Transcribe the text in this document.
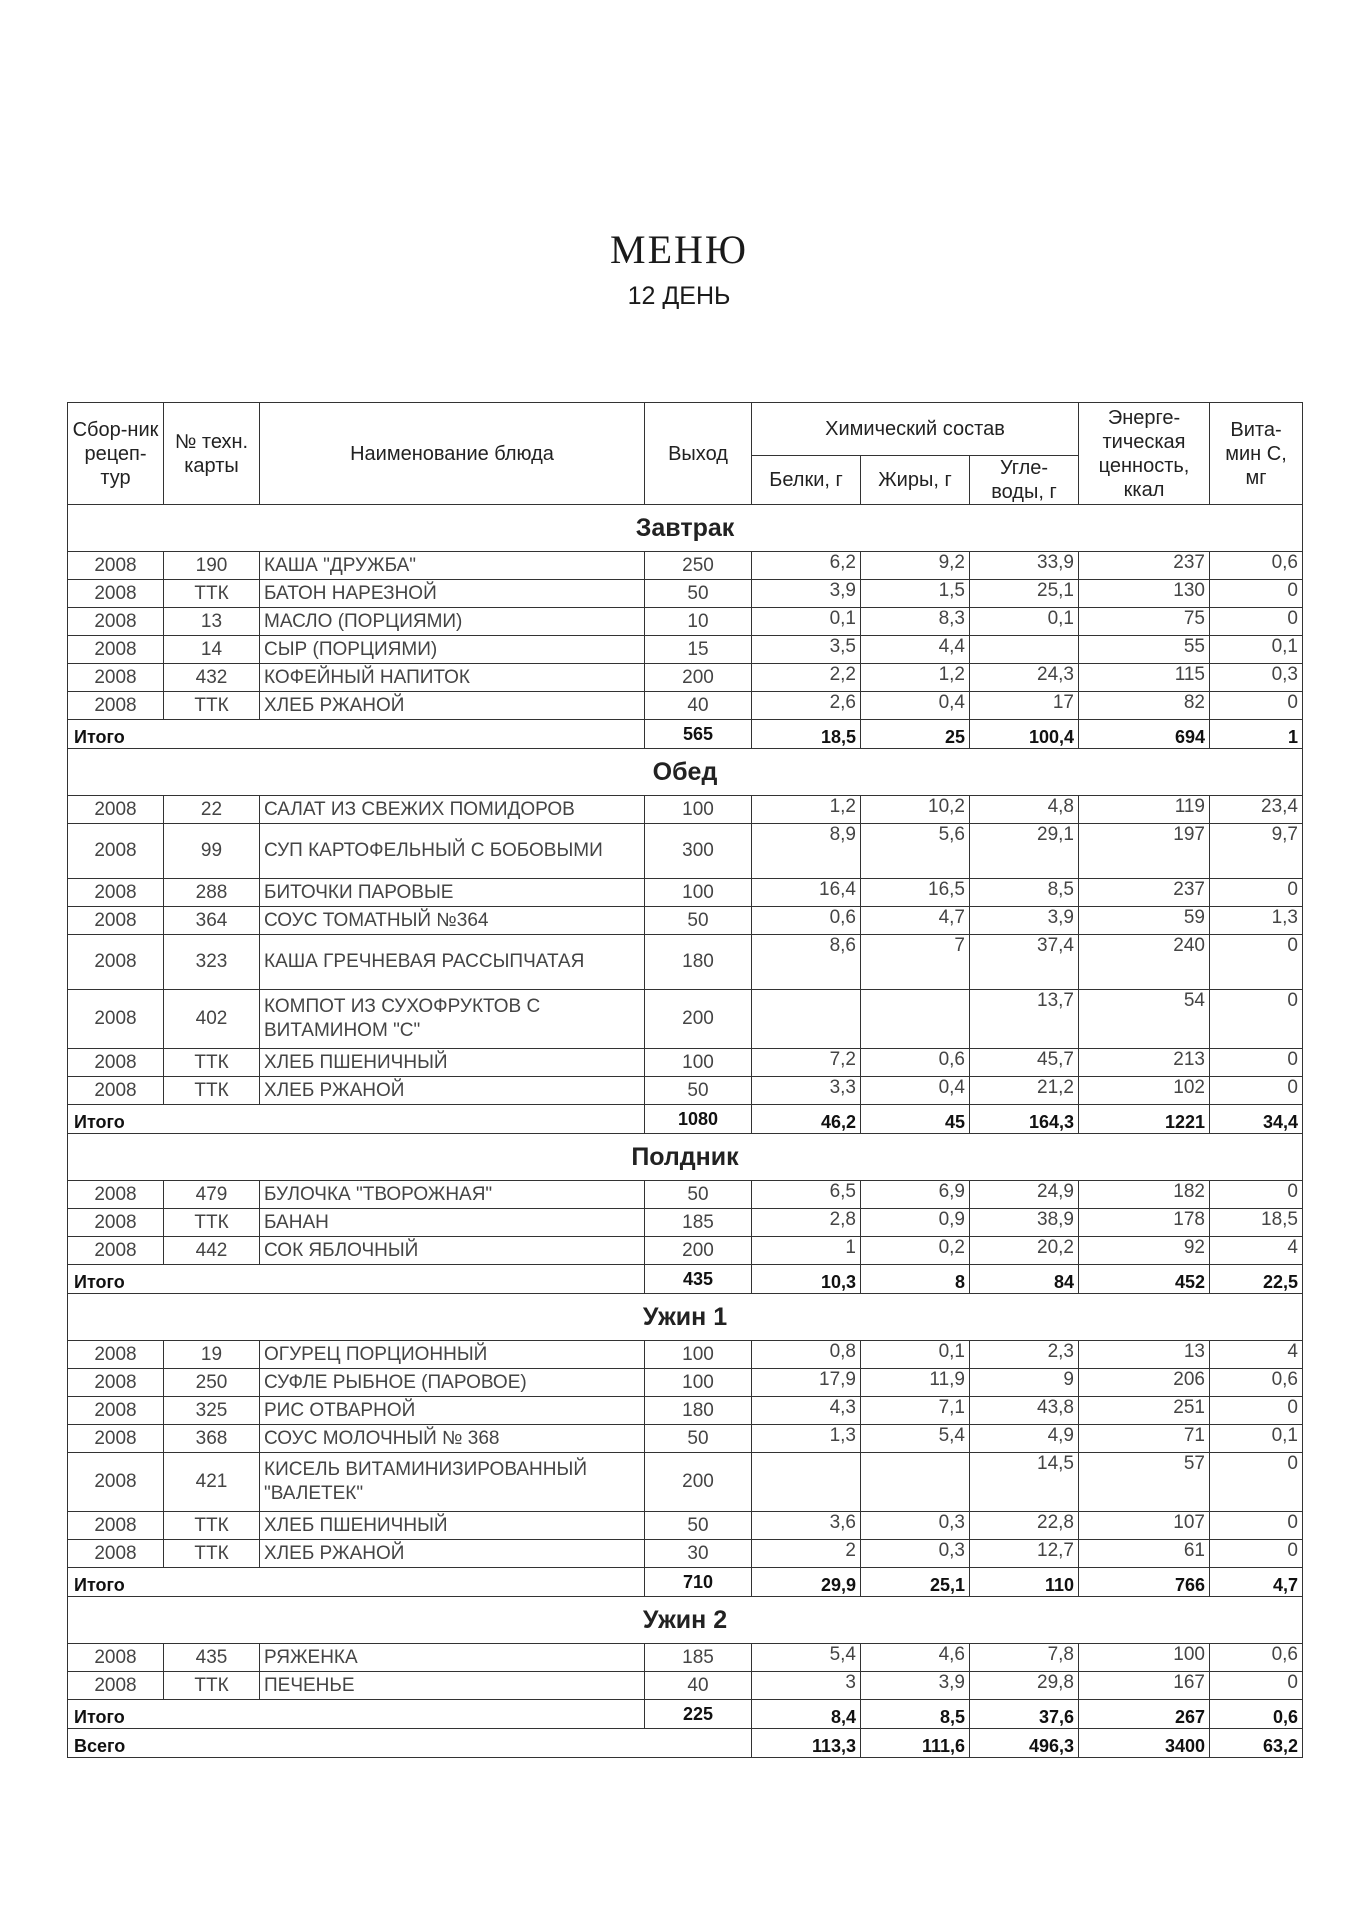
МЕНЮ
12 ДЕНЬ
Сбор-ник рецеп-тур	№ техн. карты	Наименование блюда	Выход	Химический состав			Энерге-тическая ценность, ккал	Вита-мин С, мг
				Белки, г	Жиры, г	Угле-воды, г		
Завтрак								
2008	190	КАША "ДРУЖБА"	250	6,2	9,2	33,9	237	0,6
2008	ТТК	БАТОН НАРЕЗНОЙ	50	3,9	1,5	25,1	130	0
2008	13	МАСЛО (ПОРЦИЯМИ)	10	0,1	8,3	0,1	75	0
2008	14	СЫР (ПОРЦИЯМИ)	15	3,5	4,4		55	0,1
2008	432	КОФЕЙНЫЙ НАПИТОК	200	2,2	1,2	24,3	115	0,3
2008	ТТК	ХЛЕБ РЖАНОЙ	40	2,6	0,4	17	82	0
Итого			565	18,5	25	100,4	694	1
Обед								
2008	22	САЛАТ ИЗ СВЕЖИХ ПОМИДОРОВ	100	1,2	10,2	4,8	119	23,4
2008	99	СУП КАРТОФЕЛЬНЫЙ С БОБОВЫМИ	300	8,9	5,6	29,1	197	9,7
2008	288	БИТОЧКИ ПАРОВЫЕ	100	16,4	16,5	8,5	237	0
2008	364	СОУС ТОМАТНЫЙ №364	50	0,6	4,7	3,9	59	1,3
2008	323	КАША ГРЕЧНЕВАЯ РАССЫПЧАТАЯ	180	8,6	7	37,4	240	0
2008	402	КОМПОТ ИЗ СУХОФРУКТОВ С ВИТАМИНОМ "С"	200			13,7	54	0
2008	ТТК	ХЛЕБ ПШЕНИЧНЫЙ	100	7,2	0,6	45,7	213	0
2008	ТТК	ХЛЕБ РЖАНОЙ	50	3,3	0,4	21,2	102	0
Итого			1080	46,2	45	164,3	1221	34,4
Полдник								
2008	479	БУЛОЧКА "ТВОРОЖНАЯ"	50	6,5	6,9	24,9	182	0
2008	ТТК	БАНАН	185	2,8	0,9	38,9	178	18,5
2008	442	СОК ЯБЛОЧНЫЙ	200	1	0,2	20,2	92	4
Итого			435	10,3	8	84	452	22,5
Ужин 1								
2008	19	ОГУРЕЦ ПОРЦИОННЫЙ	100	0,8	0,1	2,3	13	4
2008	250	СУФЛЕ РЫБНОЕ (ПАРОВОЕ)	100	17,9	11,9	9	206	0,6
2008	325	РИС ОТВАРНОЙ	180	4,3	7,1	43,8	251	0
2008	368	СОУС МОЛОЧНЫЙ № 368	50	1,3	5,4	4,9	71	0,1
2008	421	КИСЕЛЬ ВИТАМИНИЗИРОВАННЫЙ "ВАЛЕТЕК"	200			14,5	57	0
2008	ТТК	ХЛЕБ ПШЕНИЧНЫЙ	50	3,6	0,3	22,8	107	0
2008	ТТК	ХЛЕБ РЖАНОЙ	30	2	0,3	12,7	61	0
Итого			710	29,9	25,1	110	766	4,7
Ужин 2								
2008	435	РЯЖЕНКА	185	5,4	4,6	7,8	100	0,6
2008	ТТК	ПЕЧЕНЬЕ	40	3	3,9	29,8	167	0
Итого			225	8,4	8,5	37,6	267	0,6
Всего				113,3	111,6	496,3	3400	63,2
